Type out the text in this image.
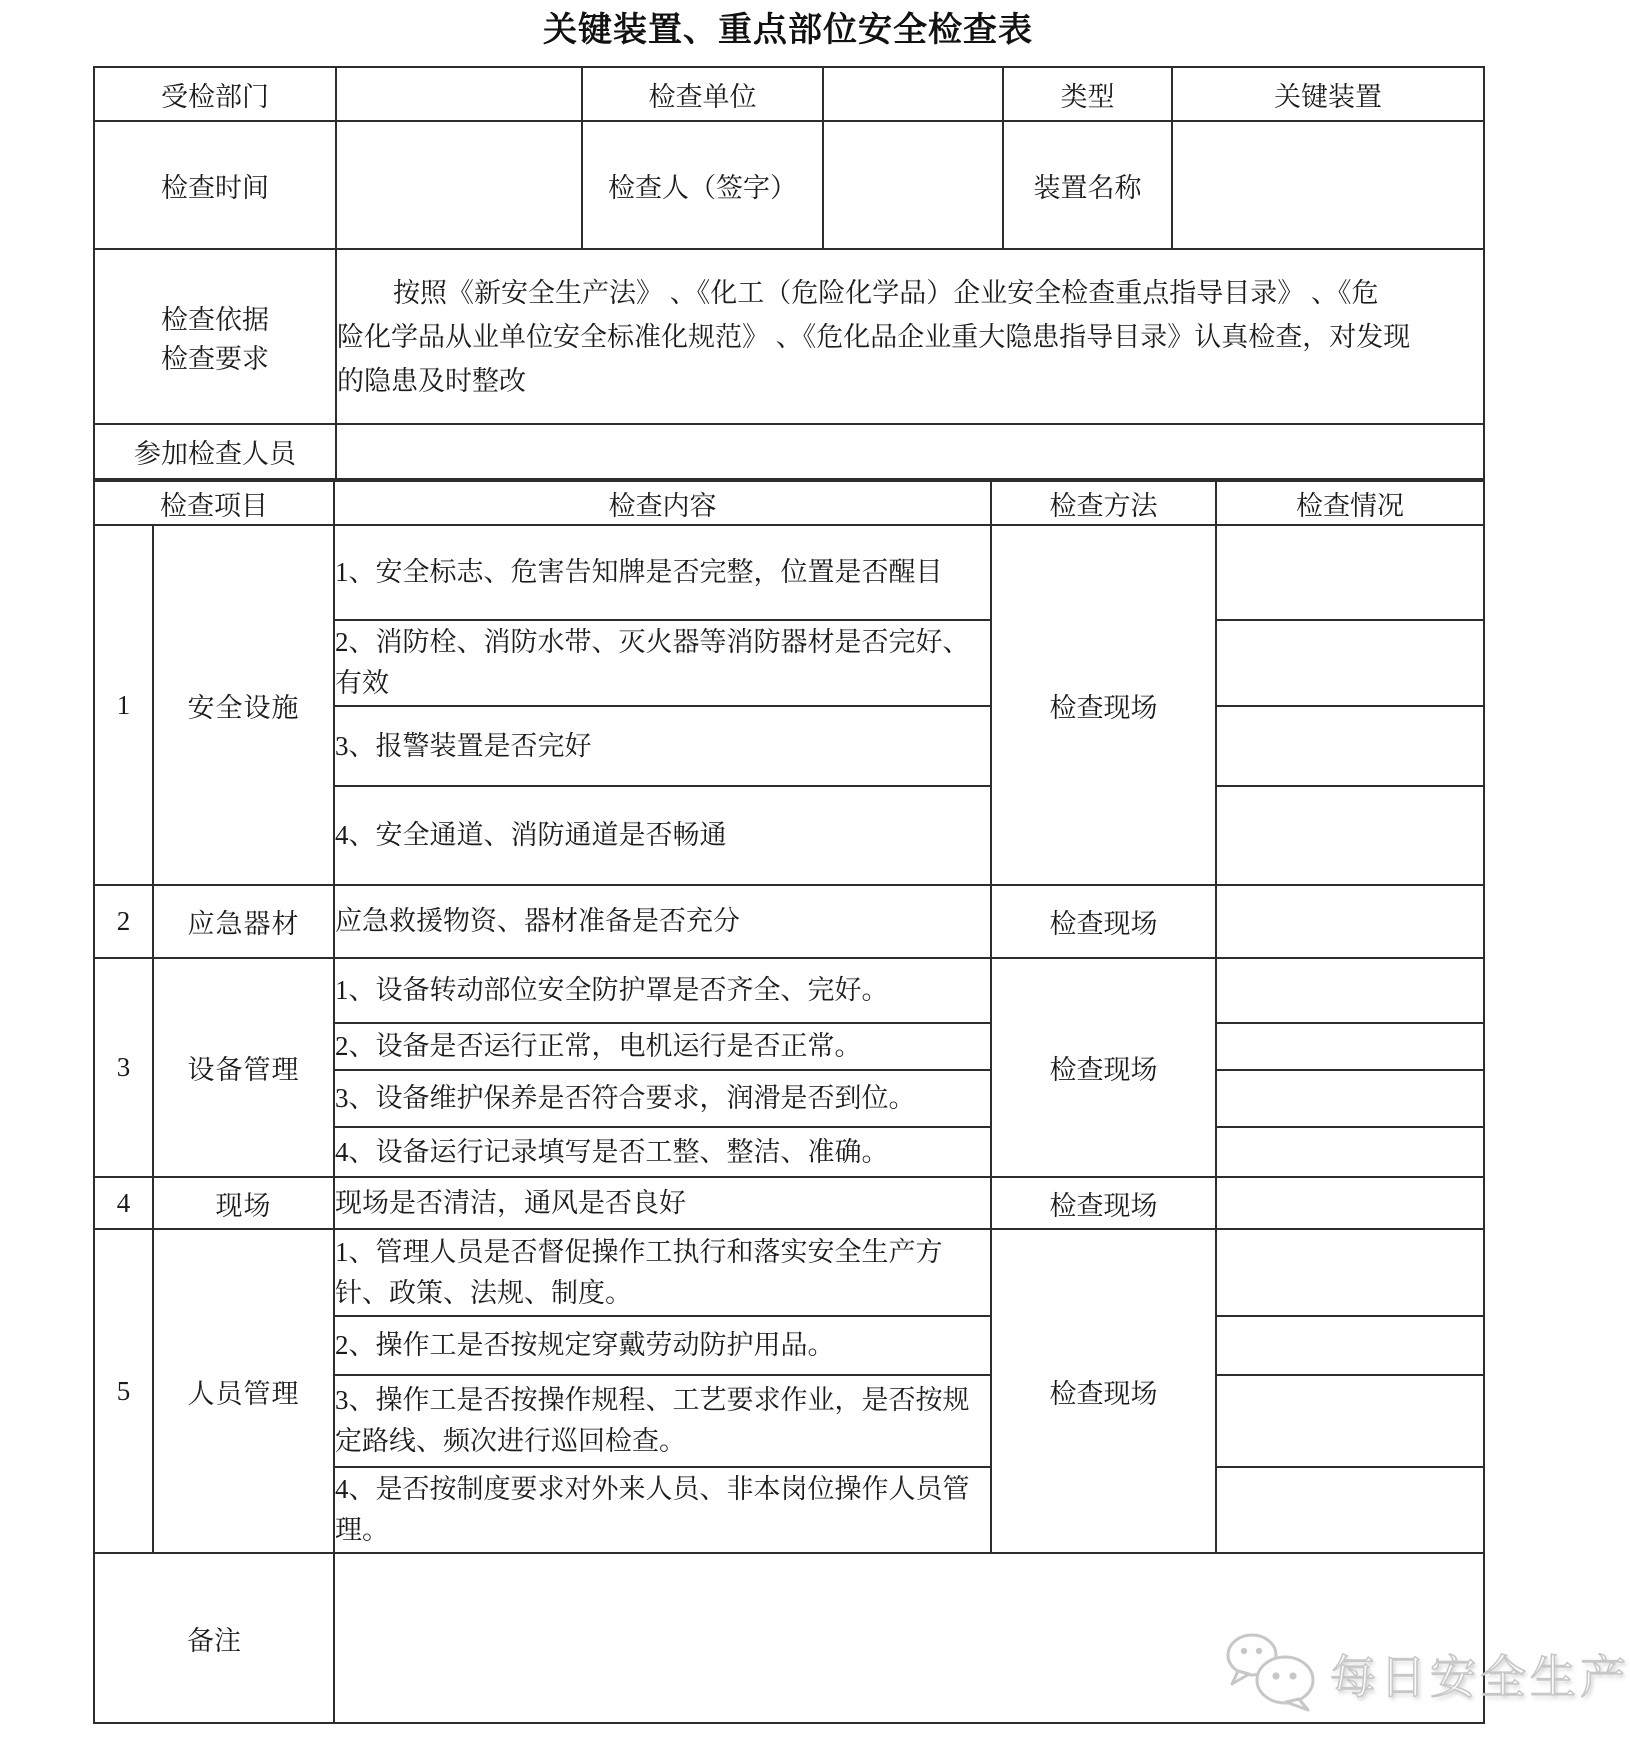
关键装置、重点部位安全检查表
受检部门		检查单位		类型	关键装置
检查时间		检查人（签字）		装置名称	

检查依据
检查要求

按照《新安全生产法》 、《化工（危险化学品）企业安全检查重点指导目录》 、《危
险化学品从业单位安全标准化规范》 、《危化品企业重大隐患指导目录》认真检查，对发现
的隐患及时整改

参加检查人员					
检查项目		检查内容	检查方法	检查情况
1	安全设施	1、安全标志、危害告知牌是否完整，位置是否醒目	检查现场	
		2、消防栓、消防水带、灭火器等消防器材是否完好、有效		
		3、报警装置是否完好		
		4、安全通道、消防通道是否畅通		
2	应急器材	应急救援物资、器材准备是否充分	检查现场	
3	设备管理	1、设备转动部位安全防护罩是否齐全、完好。	检查现场	
		2、设备是否运行正常，电机运行是否正常。		
		3、设备维护保养是否符合要求，润滑是否到位。		
		4、设备运行记录填写是否工整、整洁、准确。		
4	现场	现场是否清洁，通风是否良好	检查现场	
5	人员管理	1、管理人员是否督促操作工执行和落实安全生产方针、政策、法规、制度。	检查现场	
		2、操作工是否按规定穿戴劳动防护用品。		
		3、操作工是否按操作规程、工艺要求作业，是否按规定路线、频次进行巡回检查。		
		4、是否按制度要求对外来人员、非本岗位操作人员管理。		
备注				
每日安全生产
